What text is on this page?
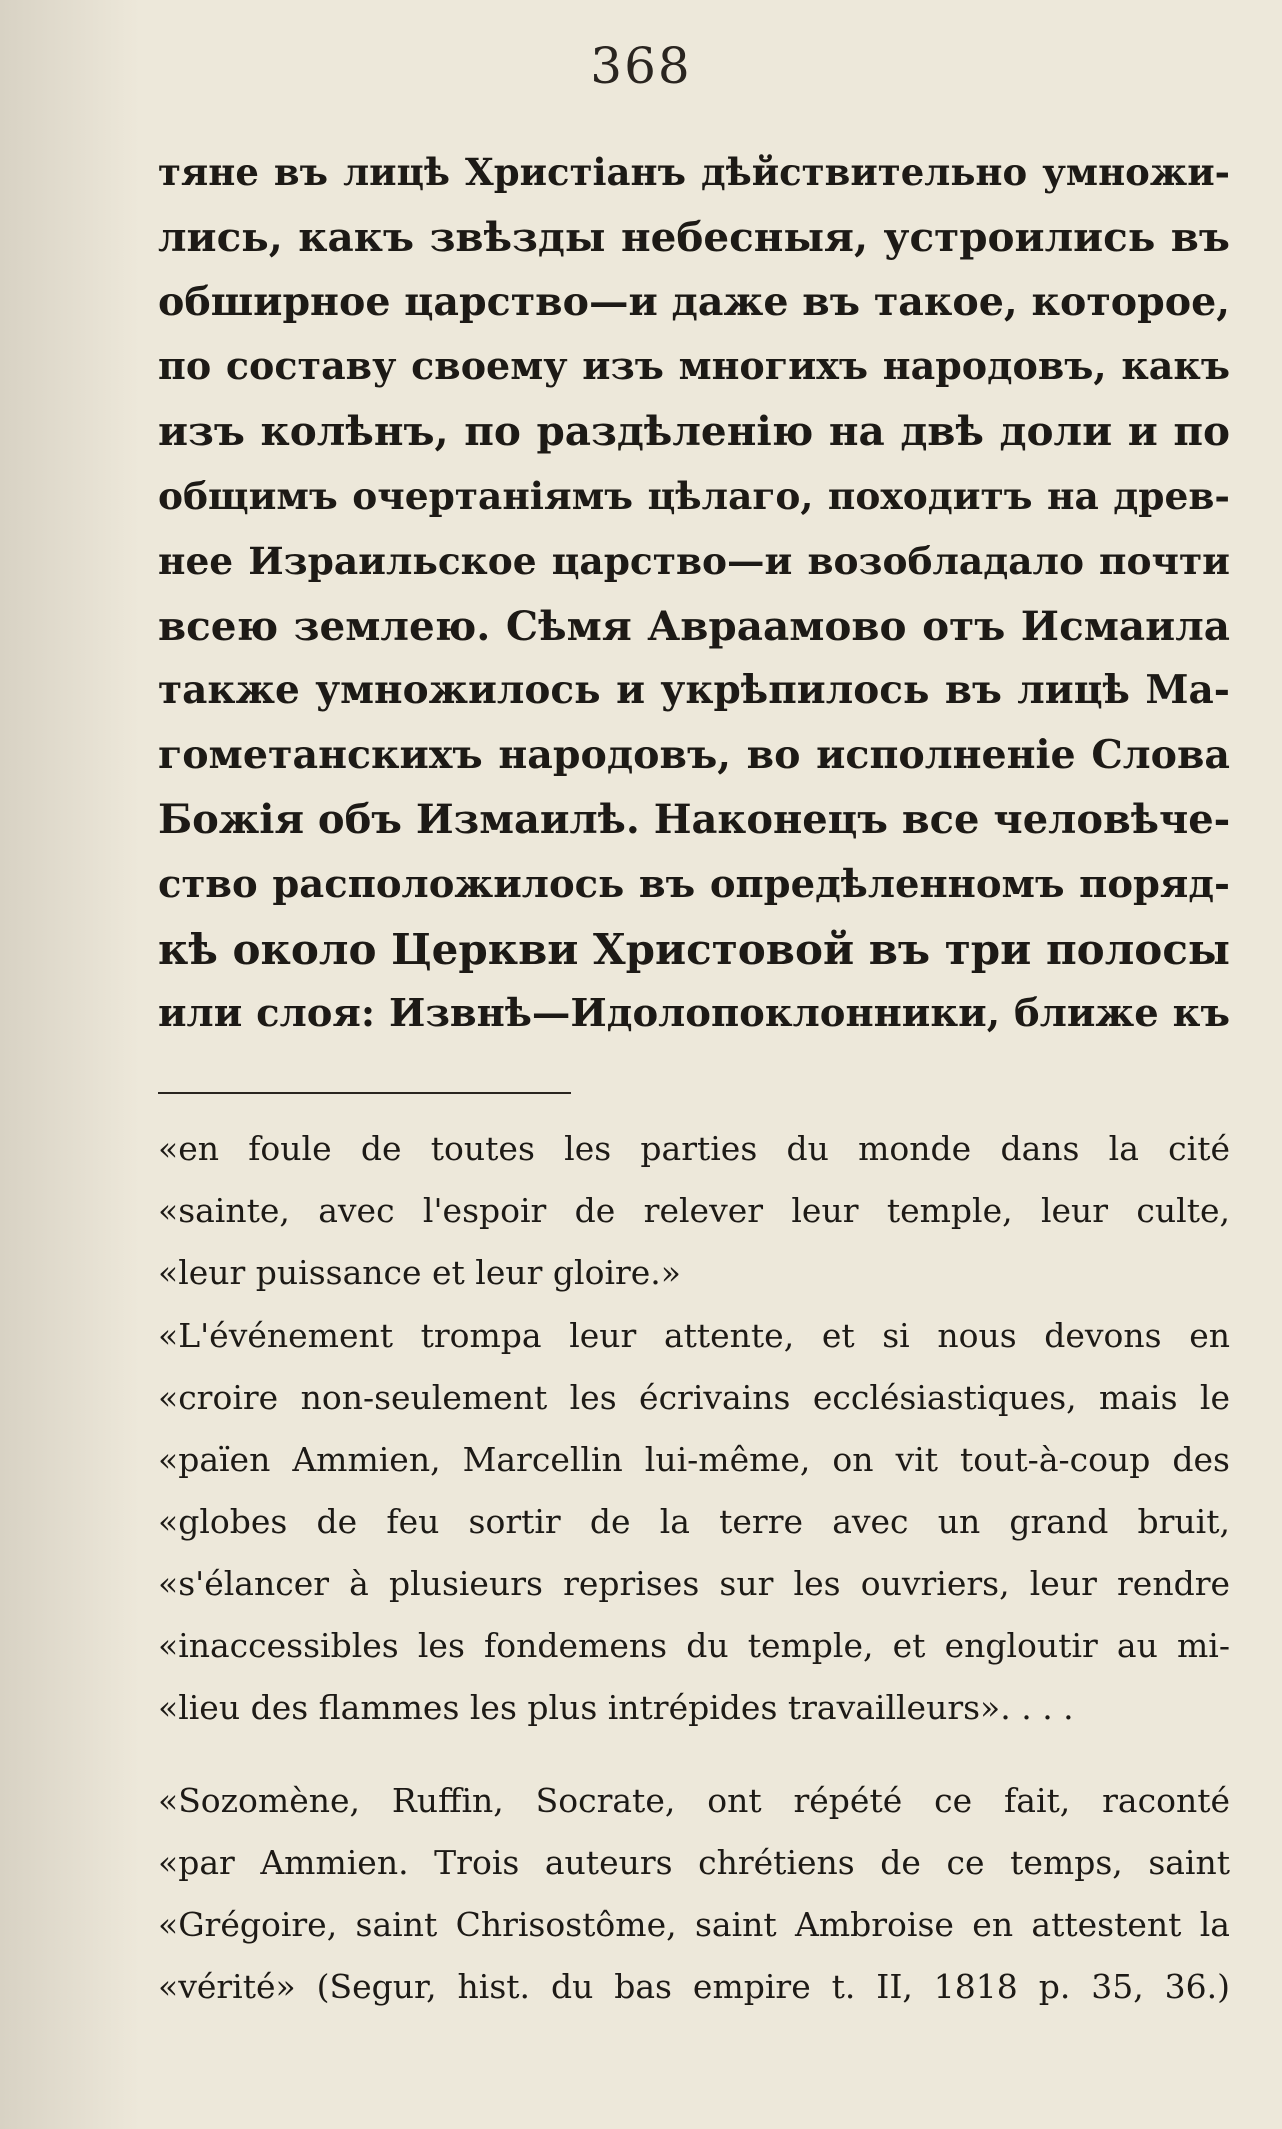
368
тяне въ лицѣ Христіанъ дѣйствительно умножи-
лись, какъ звѣзды небесныя, устроились въ
обширное царство—и даже въ такое, которое,
по составу своему изъ многихъ народовъ, какъ
изъ колѣнъ, по раздѣленію на двѣ доли и по
общимъ очертаніямъ цѣлаго, походитъ на древ-
нее Израильское царство—и возобладало почти
всею землею. Сѣмя Авраамово отъ Исмаила
также умножилось и укрѣпилось въ лицѣ Ма-
гометанскихъ народовъ, во исполненіе Слова
Божія объ Измаилѣ. Наконецъ все человѣче-
ство расположилось въ опредѣленномъ поряд-
кѣ около Церкви Христовой въ три полосы
или слоя: Извнѣ—Идолопоклонники, ближе къ
«en foule de toutes les parties du monde dans la cité
«sainte, avec l'espoir de relever leur temple, leur culte,
«leur puissance et leur gloire.»
«L'événement trompa leur attente, et si nous devons en
«croire non-seulement les écrivains ecclésiastiques, mais le
«païen Ammien, Marcellin lui-même, on vit tout-à-coup des
«globes de feu sortir de la terre avec un grand bruit,
«s'élancer à plusieurs reprises sur les ouvriers, leur rendre
«inaccessibles les fondemens du temple, et engloutir au mi-
«lieu des flammes les plus intrépides travailleurs». . . .
«Sozomène, Ruffin, Socrate, ont répété ce fait, raconté
«par Ammien. Trois auteurs chrétiens de ce temps, saint
«Grégoire, saint Chrisostôme, saint Ambroise en attestent la
«vérité» (Segur, hist. du bas empire t. II, 1818 p. 35, 36.)
